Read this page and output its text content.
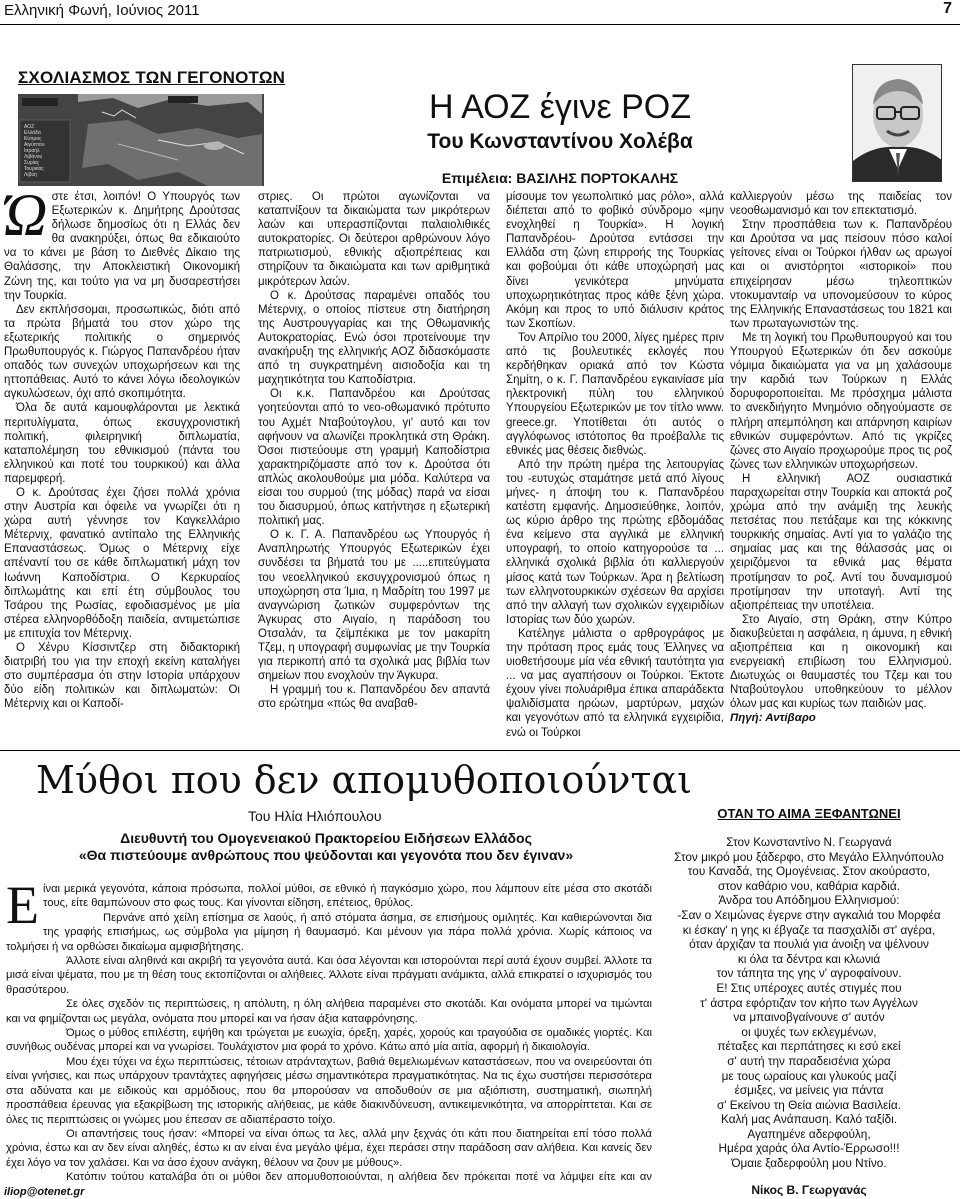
Ελληνική Φωνή, Ιούνιος 2011	7
ΣΧΟΛΙΑΣΜΟΣ ΤΩΝ ΓΕΓΟΝΟΤΩΝ
ΑΟΖ
Ελλάδα
Κύπρος
Αιγύπτου
Ισραήλ
Λιβάνου
Συρίας
Τουρκίας
Λιβύη
Η ΑΟΖ έγινε ΡΟΖ
Του Κωνσταντίνου Χολέβα
Επιμέλεια: ΒΑΣΙΛΗΣ ΠΟΡΤΟΚΑΛΗΣ

Ώστε έτσι, λοιπόν! Ο Υπουργός των Εξωτερικών κ. Δημήτρης Δρούτσας δήλωσε δημοσίως ότι η Ελλάς δεν θα ανακηρύξει, όπως θα εδικαιούτο να το κάνει με βάση το Διεθνές Δίκαιο της Θαλάσσης, την Αποκλειστική Οικονομική Ζώνη της, και τούτο για να μη δυσαρεστήσει την Τουρκία.

Δεν εκπλήσσομαι, προσωπικώς, διότι από τα πρώτα βήματά του στον χώρο της εξωτερικής πολιτικής ο σημερινός Πρωθυπουργός κ. Γιώργος Παπανδρέου ήταν οπαδός των συνεχών υποχωρήσεων και της ηττοπάθειας. Αυτό το κάνει λόγω ιδεολογικών αγκυλώσεων, όχι από σκοπιμότητα.

Όλα δε αυτά καμουφλάρονται με λεκτικά περιτυλίγματα, όπως εκσυγχρονιστική πολιτική, φιλειρηνική διπλωματία, καταπολέμηση του εθνικισμού (πάντα του ελληνικού και ποτέ του τουρκικού) και άλλα παρεμφερή.

Ο κ. Δρούτσας έχει ζήσει πολλά χρόνια στην Αυστρία και όφειλε να γνωρίζει ότι η χώρα αυτή γέννησε τον Καγκελλάριο Μέτερνιχ, φανατικό αντίπαλο της Ελληνικής Επαναστάσεως. Όμως ο Μέτερνιχ είχε απέναντί του σε κάθε διπλωματική μάχη τον Ιωάννη Καποδίστρια. Ο Κερκυραίος διπλωμάτης και επί έτη σύμβουλος του Τσάρου της Ρωσίας, εφοδιασμένος με μία στέρεα ελληνορθόδοξη παιδεία, αντιμετώπισε με επιτυχία τον Μέτερνιχ.

Ο Χένρυ Κίσσιντζερ στη διδακτορική διατριβή του για την εποχή εκείνη καταλήγει στο συμπέρασμα ότι στην Ιστορία υπάρχουν δύο είδη πολιτικών και διπλωματών: Οι Μέτερνιχ και οι Καποδί-

στριες. Οι πρώτοι αγωνίζονται να καταπνίξουν τα δικαιώματα των μικρότερων λαών και υπερασπίζονται παλαιολιθικές αυτοκρατορίες. Οι δεύτεροι αρθρώνουν λόγο πατριωτισμού, εθνικής αξιοπρέπειας και στηρίζουν τα δικαιώματα και των αριθμητικά μικρότερων λαών.

Ο κ. Δρούτσας παραμένει οπαδός του Μέτερνιχ, ο οποίος πίστευε στη διατήρηση της Αυστρουγγαρίας και της Οθωμανικής Αυτοκρατορίας. Ενώ όσοι προτείνουμε την ανακήρυξη της ελληνικής ΑΟΖ διδασκόμαστε από τη συγκρατημένη αισιοδοξία και τη μαχητικότητα του Καποδίστρια.

Οι κ.κ. Παπανδρέου και Δρούτσας γοητεύονται από το νεο-οθωμανικό πρότυπο του Αχμέτ Νταβούτογλου, γι' αυτό και τον αφήνουν να αλωνίζει προκλητικά στη Θράκη. Όσοι πιστεύουμε στη γραμμή Καποδίστρια χαρακτηριζόμαστε από τον κ. Δρούτσα ότι απλώς ακολουθούμε μια μόδα. Καλύτερα να είσαι του συρμού (της μόδας) παρά να είσαι του διασυρμού, όπως κατήντησε η εξωτερική πολιτική μας.

Ο κ. Γ. Α. Παπανδρέου ως Υπουργός ή Αναπληρωτής Υπουργός Εξωτερικών έχει συνδέσει τα βήματά του με .....επιτεύγματα του νεοελληνικού εκσυγχρονισμού όπως η υποχώρηση στα Ίμια, η Μαδρίτη του 1997 με αναγνώριση ζωτικών συμφερόντων της Άγκυρας στο Αιγαίο, η παράδοση του Οτσαλάν, τα ζεϊμπέκικα με τον μακαρίτη Τζεμ, η υπογραφή συμφωνίας με την Τουρκία για περικοπή από τα σχολικά μας βιβλία των σημείων που ενοχλούν την Άγκυρα.

Η γραμμή του κ. Παπανδρέου δεν απαντά στο ερώτημα «πώς θα αναβαθ-

μίσουμε τον γεωπολιτικό μας ρόλο», αλλά διέπεται από το φοβικό σύνδρομο «μην ενοχληθεί η Τουρκία». Η λογική Παπανδρέου- Δρούτσα εντάσσει την Ελλάδα στη ζώνη επιρροής της Τουρκίας και φοβούμαι ότι κάθε υποχώρησή μας δίνει γενικότερα μηνύματα υποχωρητικότητας προς κάθε ξένη χώρα. Ακόμη και προς το υπό διάλυσιν κράτος των Σκοπίων.

Τον Απρίλιο του 2000, λίγες ημέρες πριν από τις βουλευτικές εκλογές που κερδήθηκαν οριακά από τον Κώστα Σημίτη, ο κ. Γ. Παπανδρέου εγκαινίασε μία ηλεκτρονική πύλη του ελληνικού Υπουργείου Εξωτερικών με τον τίτλο www. greece.gr. Υποτίθεται ότι αυτός ο αγγλόφωνος ιστότοπος θα προέβαλλε τις εθνικές μας θέσεις διεθνώς.

Από την πρώτη ημέρα της λειτουργίας του -ευτυχώς σταμάτησε μετά από λίγους μήνες- η άποψη του κ. Παπανδρέου κατέστη εμφανής. Δημοσιεύθηκε, λοιπόν, ως κύριο άρθρο της πρώτης εβδομάδας ένα κείμενο στα αγγλικά με ελληνική υπογραφή, το οποίο κατηγορούσε τα ... ελληνικά σχολικά βιβλία ότι καλλιεργούν μίσος κατά των Τούρκων. Άρα η βελτίωση των ελληνοτουρκικών σχέσεων θα αρχίσει από την αλλαγή των σχολικών εγχειριδίων Ιστορίας των δύο χωρών.

Κατέληγε μάλιστα ο αρθρογράφος με την πρόταση προς εμάς τους Έλληνες να υιοθετήσουμε μία νέα εθνική ταυτότητα για ... να μας αγαπήσουν οι Τούρκοι. Έκτοτε έχουν γίνει πολυάριθμα έπικα απαράδεκτα ψαλιδίσματα ηρώων, μαρτύρων, μαχών και γεγονότων από τα ελληνικά εγχειρίδια, ενώ οι Τούρκοι

καλλιεργούν μέσω της παιδείας τον νεοοθωμανισμό και τον επεκτατισμό.

Στην προσπάθεια των κ. Παπανδρέου και Δρούτσα να μας πείσουν πόσο καλοί γείτονες είναι οι Τούρκοι ήλθαν ως αρωγοί και οι ανιστόρητοι «ιστορικοί» που επιχείρησαν μέσω τηλεοπτικών ντοκυμανταίρ να υπονομεύσουν το κύρος της Ελληνικής Επαναστάσεως του 1821 και των πρωταγωνιστών της.

Με τη λογική του Πρωθυπουργού και του Υπουργού Εξωτερικών ότι δεν ασκούμε νόμιμα δικαιώματα για να μη χαλάσουμε την καρδιά των Τούρκων η Ελλάς δορυφοροποιείται. Με πρόσχημα μάλιστα το ανεκδιήγητο Μνημόνιο οδηγούμαστε σε πλήρη απεμπόληση και απάρνηση καιρίων εθνικών συμφερόντων. Από τις γκρίζες ζώνες στο Αιγαίο προχωρούμε προς τις ροζ ζώνες των ελληνικών υποχωρήσεων.

Η ελληνική ΑΟΖ ουσιαστικά παραχωρείται στην Τουρκία και αποκτά ροζ χρώμα από την ανάμιξη της λευκής πετσέτας που πετάξαμε και της κόκκινης τουρκικής σημαίας. Αντί για το γαλάζιο της σημαίας μας και της θάλασσάς μας οι χειριζόμενοι τα εθνικά μας θέματα προτίμησαν το ροζ. Αντί του δυναμισμού προτίμησαν την υποταγή. Αντί της αξιοπρέπειας την υποτέλεια.

Στο Αιγαίο, στη Θράκη, στην Κύπρο διακυβεύεται η ασφάλεια, η άμυνα, η εθνική αξιοπρέπεια και η οικονομική και ενεργειακή επιβίωση του Ελληνισμού. Διωτυχώς οι θαυμαστές του Τζεμ και του Νταβούτογλου υποθηκεύουν το μέλλον όλων μας και κυρίως των παιδιών μας.

Πηγή: Αντίβαρο

Μύθοι που δεν απομυθοποιούνται
Του Ηλία Ηλιόπουλου
Διευθυντή του Ομογενειακού Πρακτορείου Ειδήσεων Ελλάδος
«Θα πιστεύουμε ανθρώπους που ψεύδονται και γεγονότα που δεν έγιναν»

Είναι μερικά γεγονότα, κάποια πρόσωπα, πολλοί μύθοι, σε εθνικό ή παγκόσμιο χώρο, που λάμπουν είτε μέσα στο σκοτάδι τους, είτε θαμπώνουν στο φως τους. Και γίνονται είδηση, επέτειος, θρύλος.

Περνάνε από χείλη επίσημα σε λαούς, ή από στόματα άσημα, σε επισήμους ομιλητές. Και καθιερώνονται δια της γραφής επισήμως, ως σύμβολα για μίμηση ή θαυμασμό. Και μένουν για πάρα πολλά χρόνια. Χωρίς κάποιος να τολμήσει ή να ορθώσει δικαίωμα αμφισβήτησης.

Άλλοτε είναι αληθινά και ακριβή τα γεγονότα αυτά. Και όσα λέγονται και ιστορούνται περί αυτά έχουν συμβεί. Άλλοτε τα μισά είναι ψέματα, που με τη θέση τους εκτοπίζονται οι αλήθειες. Άλλοτε είναι πράγματι ανάμικτα, αλλά επικρατεί ο ισχυρισμός του θρασύτερου.

Σε όλες σχεδόν τις περιπτώσεις, η απόλυτη, η όλη αλήθεια παραμένει στο σκοτάδι. Και ονόματα μπορεί να τιμώνται και να φημίζονται ως μεγάλα, ονόματα που μπορεί και να ήσαν άξια καταφρόνησης.

Όμως ο μύθος επιλέστη, εψήθη και τρώγεται με ευωχία, όρεξη, χαρές, χορούς και τραγούδια σε ομαδικές γιορτές. Και συνήθως ουδένας μπορεί και να γνωρίσει. Τουλάχιστον μια φορά το χρόνο. Κάτω από μία αιτία, αφορμή ή δικαιολογία.

Μου έχει τύχει να έχω περιπτώσεις, τέτοιων ατράνταχτων, βαθιά θεμελιωμένων καταστάσεων, που να ονειρεύονται ότι είναι γνήσιες, και πως υπάρχουν τραντάχτες αφηγήσεις μέσω σημαντικότερα πραγματικότητας. Να τις έχω συστήσει περισσότερα στα αδύνατα και με ειδικούς και αρμόδιους, που θα μπορούσαν να αποδυθούν σε μια αξιόπιστη, συστηματική, σιωπηλή προσπάθεια έρευνας για εξακρίβωση της ιστορικής αλήθειας, με κάθε διακινδύνευση, αντικειμενικότητα, να απορρίπτεται. Και σε όλες τις περιπτώσεις οι γνώμες μου έπεσαν σε αδιαπέραστο τοίχο.

Οι απαντήσεις τους ήσαν: «Μπορεί να είναι όπως τα λες, αλλά μην ξεχνάς ότι κάτι που διατηρείται επί τόσο πολλά χρόνια, έστω και αν δεν είναι αληθές, έστω κι αν είναι ένα μεγάλο ψέμα, έχει περάσει στην παράδοση σαν αλήθεια. Και κανείς δεν έχει λόγο να τον χαλάσει. Και να άσο έχουν ανάγκη, θέλουν να ζουν με μύθους».

Κατόπιν τούτου καταλάβα ότι οι μύθοι δεν απομυθοποιούνται, η αλήθεια δεν πρόκειται ποτέ να λάμψει είτε και αν

iliop@otenet.gr
ΟΤΑΝ ΤΟ ΑΙΜΑ ΞΕΦΑΝΤΩΝΕΙ
Στον Κωνσταντίνο Ν. Γεωργανά
Στον μικρό μου ξάδερφο, στο Μεγάλο Ελληνόπουλο
του Καναδά, της Ομογένειας. Στον ακούραστο,
στον καθάριο νου, καθάρια καρδιά.
Άνδρα του Απόδημου Ελληνισμού:
-Σαν ο Χειμώνας έγερνε στην αγκαλιά του Μορφέα
κι έσκαγ' η γης κι έβγαζε τα πασχαλίδι στ' αγέρα,
όταν άρχιζαν τα πουλιά για άνοιξη να ψέλνουν
κι όλα τα δέντρα και κλωνιά
τον τάπητα της γης ν' αγροφαίνουν.
Ε! Στις υπέροχες αυτές στιγμές που
τ' άστρα εφόρτιζαν τον κήπο των Αγγέλων
να μπαινοβγαίνουνε σ' αυτόν
οι ψυχές των εκλεγμένων,
πέταξες και περπάτησες κι εσύ εκεί
σ' αυτή την παραδεισένια χώρα
με τους ωραίους και γλυκούς μαζί
έσμιξες, να μείνεις για πάντα
σ' Εκείνου τη Θεία αιώνια Βασιλεία.
Καλή μας Ανάπαυση. Καλό ταξίδι.
Αγαπημένε αδερφούλη,
Ημέρα χαράς όλα Αντίο-Έρρωσο!!!
Όμαιε ξαδερφούλη μου Ντίνο.
Νίκος Β. Γεωργανάς
